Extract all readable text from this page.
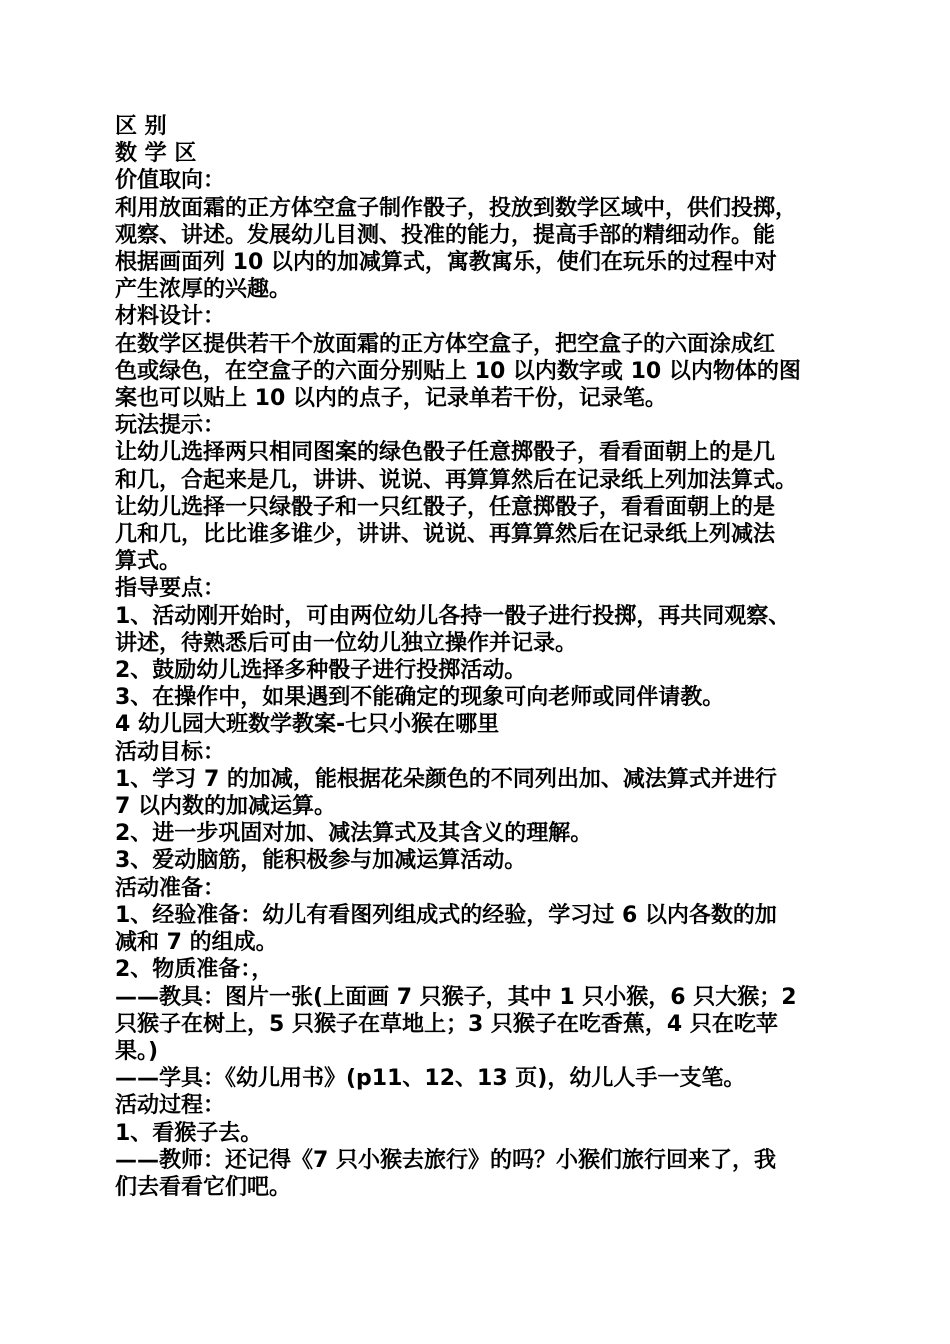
区 别
数 学 区
价值取向：
利用放面霜的正方体空盒子制作骰子，投放到数学区域中，供们投掷，
观察、讲述。发展幼儿目测、投准的能力，提高手部的精细动作。能
根据画面列 10 以内的加减算式，寓教寓乐，使们在玩乐的过程中对
产生浓厚的兴趣。
材料设计：
在数学区提供若干个放面霜的正方体空盒子，把空盒子的六面涂成红
色或绿色，在空盒子的六面分别贴上 10 以内数字或 10 以内物体的图
案也可以贴上 10 以内的点子，记录单若干份，记录笔。
玩法提示：
让幼儿选择两只相同图案的绿色骰子任意掷骰子，看看面朝上的是几
和几，合起来是几，讲讲、说说、再算算然后在记录纸上列加法算式。
让幼儿选择一只绿骰子和一只红骰子，任意掷骰子，看看面朝上的是
几和几，比比谁多谁少，讲讲、说说、再算算然后在记录纸上列减法
算式。
指导要点：
1、活动刚开始时，可由两位幼儿各持一骰子进行投掷，再共同观察、
讲述，待熟悉后可由一位幼儿独立操作并记录。
2、鼓励幼儿选择多种骰子进行投掷活动。
3、在操作中，如果遇到不能确定的现象可向老师或同伴请教。
4 幼儿园大班数学教案-七只小猴在哪里
活动目标：
1、学习 7 的加减，能根据花朵颜色的不同列出加、减法算式并进行
7 以内数的加减运算。
2、进一步巩固对加、减法算式及其含义的理解。
3、爱动脑筋，能积极参与加减运算活动。
活动准备：
1、经验准备：幼儿有看图列组成式的经验，学习过 6 以内各数的加
减和 7 的组成。
2、物质准备：，
——教具：图片一张(上面画 7 只猴子，其中 1 只小猴，6 只大猴；2
只猴子在树上，5 只猴子在草地上；3 只猴子在吃香蕉，4 只在吃苹
果。)
——学具：《幼儿用书》(p11、12、13 页)，幼儿人手一支笔。
活动过程：
1、看猴子去。
——教师：还记得《7 只小猴去旅行》的吗？小猴们旅行回来了，我
们去看看它们吧。
